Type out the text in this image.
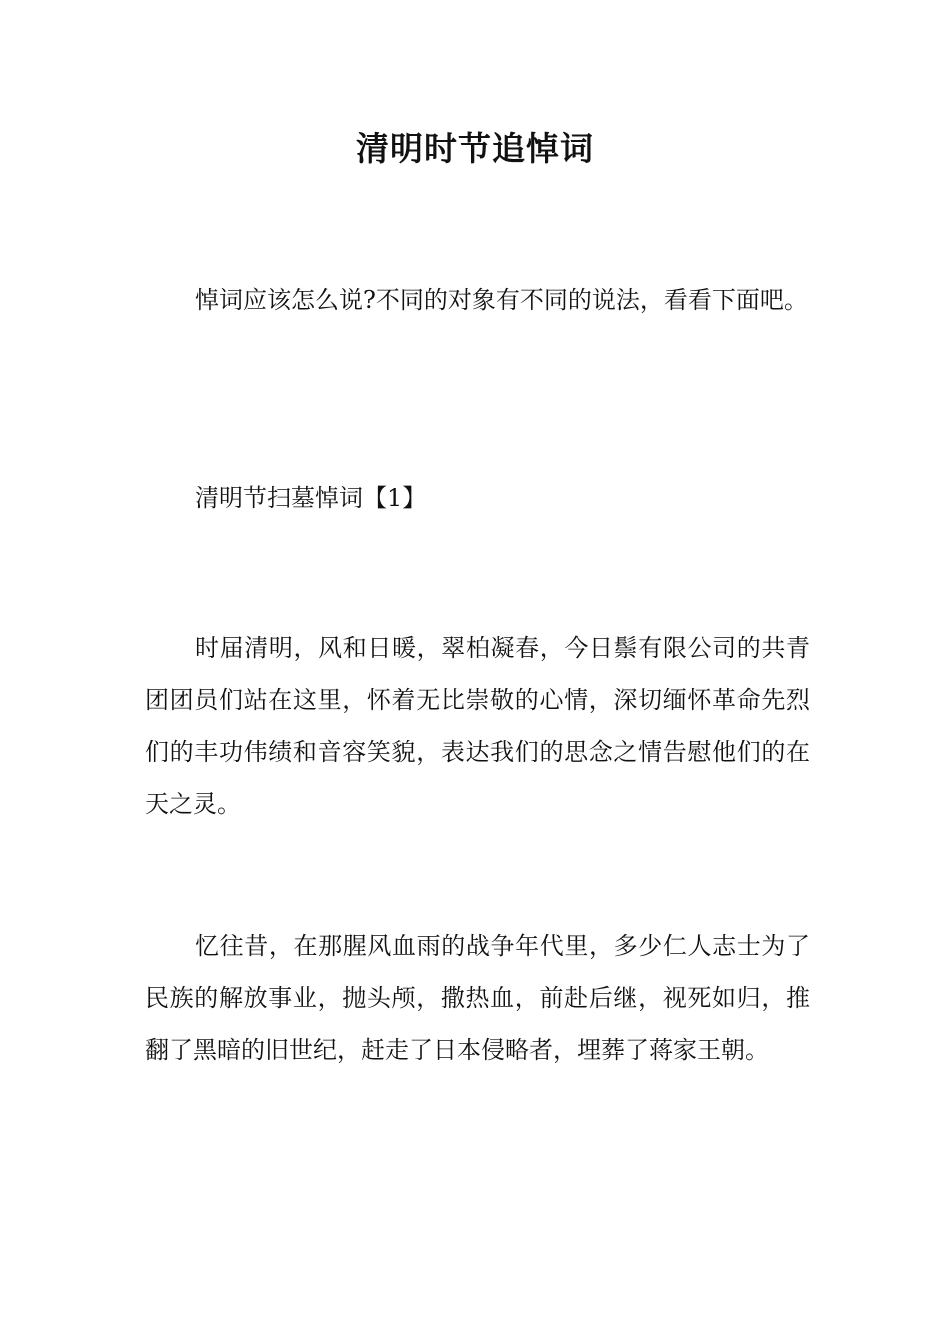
清明时节追悼词

悼词应该怎么说?不同的对象有不同的说法，看看下面吧。

清明节扫墓悼词【1】

时届清明，风和日暖，翠柏凝春，今日鬃有限公司的共青团团员们站在这里，怀着无比崇敬的心情，深切缅怀革命先烈们的丰功伟绩和音容笑貌，表达我们的思念之情告慰他们的在天之灵。

忆往昔，在那腥风血雨的战争年代里，多少仁人志士为了民族的解放事业，抛头颅，撒热血，前赴后继，视死如归，推翻了黑暗的旧世纪，赶走了日本侵略者，埋葬了蒋家王朝。
